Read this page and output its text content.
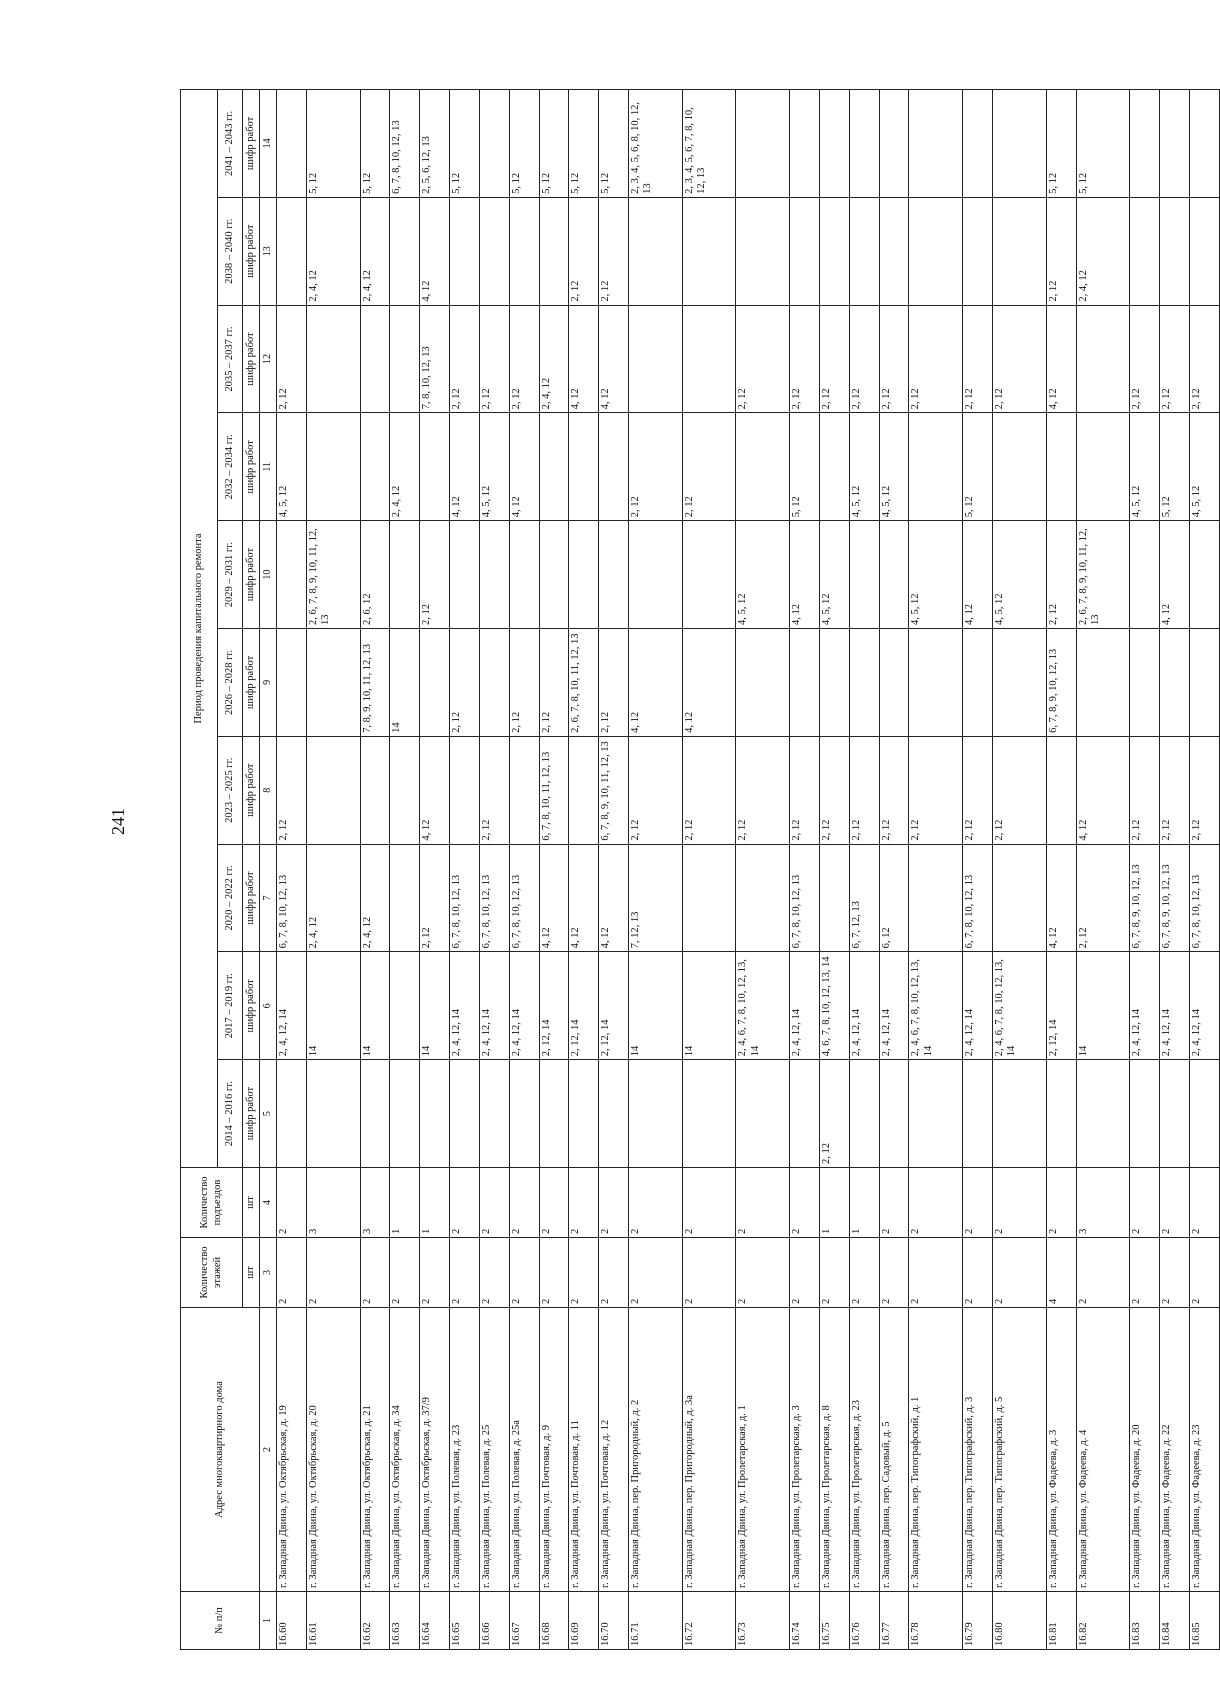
241
№ п/п	Адрес многоквартирного дома	Количество этажей	Количество подъездов	Период проведения капитального ремонта									
				2014 – 2016 гг.	2017 – 2019 гг.	2020 – 2022 гг.	2023 – 2025 гг.	2026 – 2028 гг.	2029 – 2031 гг.	2032 – 2034 гг.	2035 – 2037 гг.	2038 – 2040 гг.	2041 – 2043 гг.
		шт	шт	шифр работ	шифр работ	шифр работ	шифр работ	шифр работ	шифр работ	шифр работ	шифр работ	шифр работ	шифр работ
1	2	3	4	5	6	7	8	9	10	11	12	13	14
16.60	г. Западная Двина, ул. Октябрьская, д. 19	2	2		2, 4, 12, 14	6, 7, 8, 10, 12, 13	2, 12			4, 5, 12	2, 12		
16.61	г. Западная Двина, ул. Октябрьская, д. 20	2	3		14	2, 4, 12			2, 6, 7, 8, 9, 10, 11, 12, 13			2, 4, 12	5, 12
16.62	г. Западная Двина, ул. Октябрьская, д. 21	2	3		14	2, 4, 12		7, 8, 9, 10, 11, 12, 13	2, 6, 12			2, 4, 12	5, 12
16.63	г. Западная Двина, ул. Октябрьская, д. 34	2	1					14		2, 4, 12			6, 7, 8, 10, 12, 13
16.64	г. Западная Двина, ул. Октябрьская, д. 37/9	2	1		14	2, 12	4, 12		2, 12		7, 8, 10, 12, 13	4, 12	2, 5, 6, 12, 13
16.65	г. Западная Двина, ул. Полевая, д. 23	2	2		2, 4, 12, 14	6, 7, 8, 10, 12, 13		2, 12		4, 12	2, 12		5, 12
16.66	г. Западная Двина, ул. Полевая, д. 25	2	2		2, 4, 12, 14	6, 7, 8, 10, 12, 13	2, 12			4, 5, 12	2, 12		
16.67	г. Западная Двина, ул. Полевая, д. 25а	2	2		2, 4, 12, 14	6, 7, 8, 10, 12, 13		2, 12		4, 12	2, 12		5, 12
16.68	г. Западная Двина, ул. Почтовая, д. 9	2	2		2, 12, 14	4, 12	6, 7, 8, 10, 11, 12, 13	2, 12			2, 4, 12		5, 12
16.69	г. Западная Двина, ул. Почтовая, д. 11	2	2		2, 12, 14	4, 12		2, 6, 7, 8, 10, 11, 12, 13			4, 12	2, 12	5, 12
16.70	г. Западная Двина, ул. Почтовая, д. 12	2	2		2, 12, 14	4, 12	6, 7, 8, 9, 10, 11, 12, 13	2, 12			4, 12	2, 12	5, 12
16.71	г. Западная Двина, пер. Пригородный, д. 2	2	2		14	7, 12, 13	2, 12	4, 12		2, 12			2, 3, 4, 5, 6, 8, 10, 12, 13
16.72	г. Западная Двина, пер. Пригородный, д. 3а	2	2		14		2, 12	4, 12		2, 12			2, 3, 4, 5, 6, 7, 8, 10, 12, 13
16.73	г. Западная Двина, ул. Пролетарская, д. 1	2	2		2, 4, 6, 7, 8, 10, 12, 13, 14		2, 12		4, 5, 12		2, 12		
16.74	г. Западная Двина, ул. Пролетарская, д. 3	2	2		2, 4, 12, 14	6, 7, 8, 10, 12, 13	2, 12		4, 12	5, 12	2, 12		
16.75	г. Западная Двина, ул. Пролетарская, д. 8	2	1	2, 12	4, 6, 7, 8, 10, 12, 13, 14		2, 12		4, 5, 12		2, 12		
16.76	г. Западная Двина, ул. Пролетарская, д. 23	2	1		2, 4, 12, 14	6, 7, 12, 13	2, 12			4, 5, 12	2, 12		
16.77	г. Западная Двина, пер. Садовый, д. 5	2	2		2, 4, 12, 14	6, 12	2, 12			4, 5, 12	2, 12		
16.78	г. Западная Двина, пер. Типографский, д. 1	2	2		2, 4, 6, 7, 8, 10, 12, 13, 14		2, 12		4, 5, 12		2, 12		
16.79	г. Западная Двина, пер. Типографский, д. 3	2	2		2, 4, 12, 14	6, 7, 8, 10, 12, 13	2, 12		4, 12	5, 12	2, 12		
16.80	г. Западная Двина, пер. Типографский, д. 5	2	2		2, 4, 6, 7, 8, 10, 12, 13, 14		2, 12		4, 5, 12		2, 12		
16.81	г. Западная Двина, ул. Фадеева, д. 3	4	2		2, 12, 14	4, 12		6, 7, 8, 9, 10, 12, 13	2, 12		4, 12	2, 12	5, 12
16.82	г. Западная Двина, ул. Фадеева, д. 4	2	3		14	2, 12	4, 12		2, 6, 7, 8, 9, 10, 11, 12, 13			2, 4, 12	5, 12
16.83	г. Западная Двина, ул. Фадеева, д. 20	2	2		2, 4, 12, 14	6, 7, 8, 9, 10, 12, 13	2, 12			4, 5, 12	2, 12		
16.84	г. Западная Двина, ул. Фадеева, д. 22	2	2		2, 4, 12, 14	6, 7, 8, 9, 10, 12, 13	2, 12		4, 12	5, 12	2, 12		
16.85	г. Западная Двина, ул. Фадеева, д. 23	2	2		2, 4, 12, 14	6, 7, 8, 10, 12, 13	2, 12			4, 5, 12	2, 12		
